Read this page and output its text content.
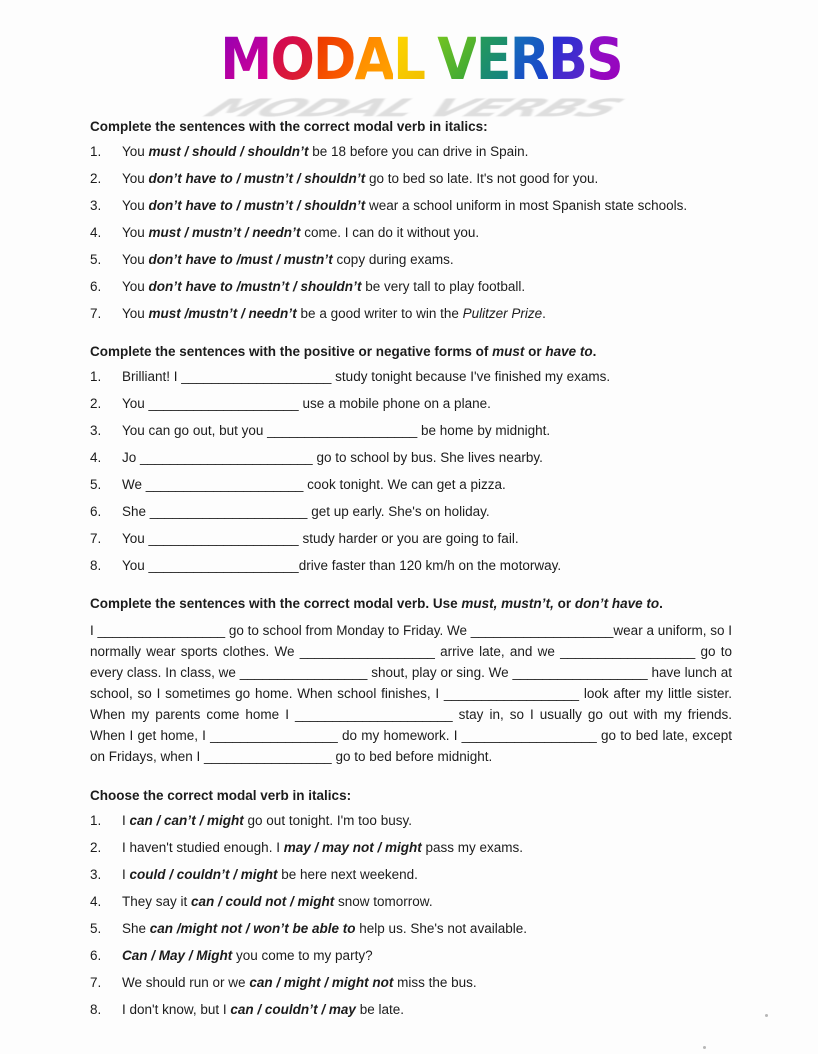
MODAL VERBS
MODAL VERBS

Complete the sentences with the correct modal verb in italics:

1.	You must / should / shouldn’t be 18 before you can drive in Spain.
2.	You don’t have to / mustn’t / shouldn’t go to bed so late. It's not good for you.
3.	You don’t have to / mustn’t / shouldn’t wear a school uniform in most Spanish state schools.
4.	You must / mustn’t / needn’t come. I can do it without you.
5.	You don’t have to /must / mustn’t copy during exams.
6.	You don’t have to /mustn’t / shouldn’t be very tall to play football.
7.	You must /mustn’t / needn’t be a good writer to win the Pulitzer Prize.

Complete the sentences with the positive or negative forms of must or have to.

1.	Brilliant! I ____________________ study tonight because I've finished my exams.
2.	You ____________________ use a mobile phone on a plane.
3.	You can go out, but you ____________________ be home by midnight.
4.	Jo _______________________ go to school by bus. She lives nearby.
5.	We _____________________ cook tonight. We can get a pizza.
6.	She _____________________ get up early. She's on holiday.
7.	You ____________________ study harder or you are going to fail.
8.	You ____________________drive faster than 120 km/h on the motorway.

Complete the sentences with the correct modal verb. Use must, mustn’t, or don’t have to.

I _________________ go to school from Monday to Friday. We ___________________wear a uniform, so I normally wear sports clothes. We __________________ arrive late, and we __________________ go to every class. In class, we _________________ shout, play or sing. We __________________ have lunch at school, so I sometimes go home. When school finishes, I __________________ look after my little sister. When my parents come home I _____________________ stay in, so I usually go out with my friends. When I get home, I _________________ do my homework. I __________________ go to bed late, except on Fridays, when I _________________ go to bed before midnight.

Choose the correct modal verb in italics:

1.	I can / can’t / might go out tonight. I'm too busy.
2.	I haven't studied enough. I may / may not / might pass my exams.
3.	I could / couldn’t / might be here next weekend.
4.	They say it can / could not / might snow tomorrow.
5.	She can /might not / won’t be able to help us. She's not available.
6.	Can / May / Might you come to my party?
7.	We should run or we can / might / might not miss the bus.
8.	I don't know, but I can / couldn’t / may be late.
